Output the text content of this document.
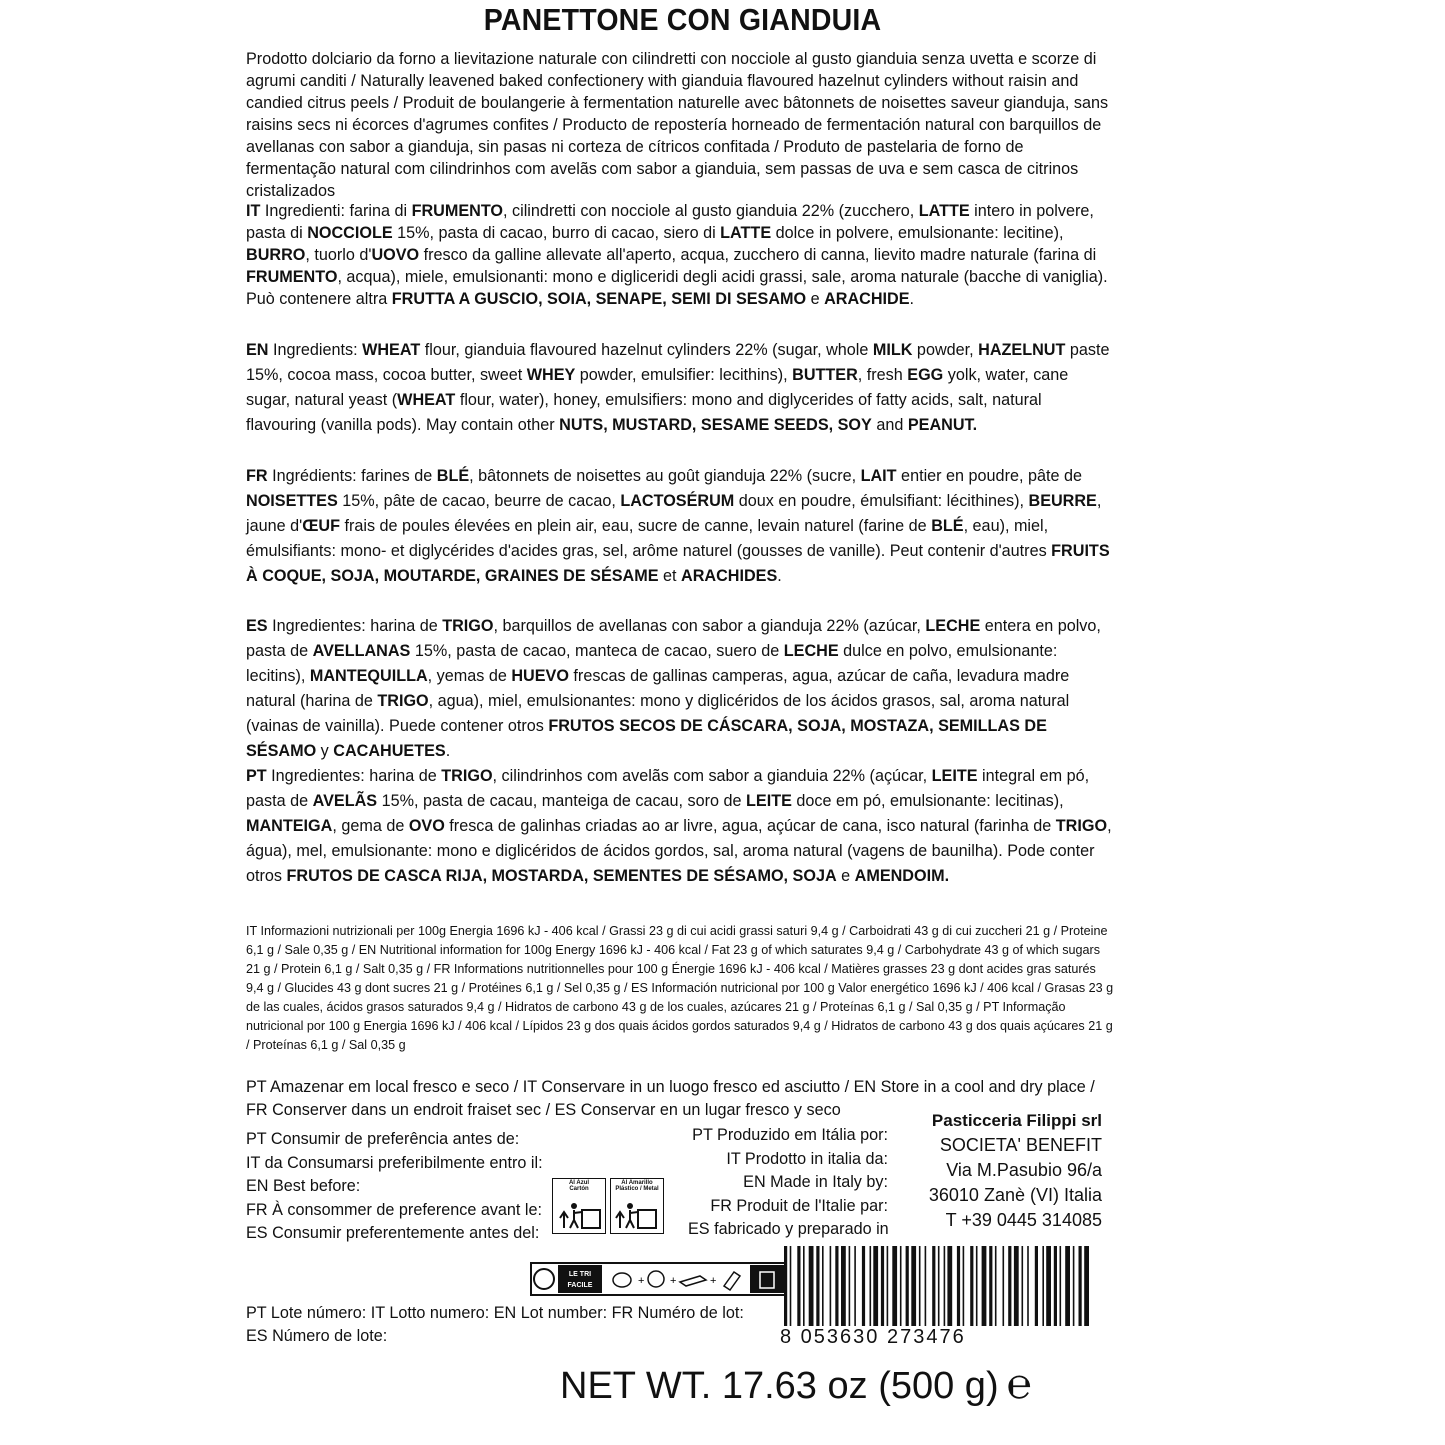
PANETTONE CON GIANDUIA

Prodotto dolciario da forno a lievitazione naturale con cilindretti con nocciole al gusto gianduia senza uvetta e scorze di agrumi canditi / Naturally leavened baked confectionery with gianduia flavoured hazelnut cylinders without raisin and candied citrus peels / Produit de boulangerie à fermentation naturelle avec bâtonnets de noisettes saveur gianduja, sans raisins secs ni écorces d'agrumes confites / Producto de repostería horneado de fermentación natural con barquillos de avellanas con sabor a gianduja, sin pasas ni corteza de cítricos confitada / Produto de pastelaria de forno de fermentação natural com cilindrinhos com avelãs com sabor a gianduia, sem passas de uva e sem casca de citrinos cristalizados

IT Ingredienti: farina di FRUMENTO, cilindretti con nocciole al gusto gianduia 22% (zucchero, LATTE intero in polvere, pasta di NOCCIOLE 15%, pasta di cacao, burro di cacao, siero di LATTE dolce in polvere, emulsionante: lecitine), BURRO, tuorlo d'UOVO fresco da galline allevate all'aperto, acqua, zucchero di canna, lievito madre naturale (farina di FRUMENTO, acqua), miele, emulsionanti: mono e digliceridi degli acidi grassi, sale, aroma naturale (bacche di vaniglia). Può contenere altra FRUTTA A GUSCIO, SOIA, SENAPE, SEMI DI SESAMO e ARACHIDE.

EN Ingredients: WHEAT flour, gianduia flavoured hazelnut cylinders 22% (sugar, whole MILK powder, HAZELNUT paste 15%, cocoa mass, cocoa butter, sweet WHEY powder, emulsifier: lecithins), BUTTER, fresh EGG yolk, water, cane sugar, natural yeast (WHEAT flour, water), honey, emulsifiers: mono and diglycerides of fatty acids, salt, natural flavouring (vanilla pods). May contain other NUTS, MUSTARD, SESAME SEEDS, SOY and PEANUT.

FR Ingrédients: farines de BLÉ, bâtonnets de noisettes au goût gianduja 22% (sucre, LAIT entier en poudre, pâte de NOISETTES 15%, pâte de cacao, beurre de cacao, LACTOSÉRUM doux en poudre, émulsifiant: lécithines), BEURRE, jaune d'ŒUF frais de poules élevées en plein air, eau, sucre de canne, levain naturel (farine de BLÉ, eau), miel, émulsifiants: mono- et diglycérides d'acides gras, sel, arôme naturel (gousses de vanille). Peut contenir d'autres FRUITS À COQUE, SOJA, MOUTARDE, GRAINES DE SÉSAME et ARACHIDES.

ES Ingredientes: harina de TRIGO, barquillos de avellanas con sabor a gianduja 22% (azúcar, LECHE entera en polvo, pasta de AVELLANAS 15%, pasta de cacao, manteca de cacao, suero de LECHE dulce en polvo, emulsionante: lecitins), MANTEQUILLA, yemas de HUEVO frescas de gallinas camperas, agua, azúcar de caña, levadura madre natural (harina de TRIGO, agua), miel, emulsionantes: mono y diglicéridos de los ácidos grasos, sal, aroma natural (vainas de vainilla). Puede contener otros FRUTOS SECOS DE CÁSCARA, SOJA, MOSTAZA, SEMILLAS DE SÉSAMO y CACAHUETES.

PT Ingredientes: harina de TRIGO, cilindrinhos com avelãs com sabor a gianduia 22% (açúcar, LEITE integral em pó, pasta de AVELÃS 15%, pasta de cacau, manteiga de cacau, soro de LEITE doce em pó, emulsionante: lecitinas), MANTEIGA, gema de OVO fresca de galinhas criadas ao ar livre, agua, açúcar de cana, isco natural (farinha de TRIGO, água), mel, emulsionante: mono e diglicéridos de ácidos gordos, sal, aroma natural (vagens de baunilha). Pode conter otros FRUTOS DE CASCA RIJA, MOSTARDA, SEMENTES DE SÉSAMO, SOJA e AMENDOIM.

IT Informazioni nutrizionali per 100g Energia 1696 kJ - 406 kcal / Grassi 23 g di cui acidi grassi saturi 9,4 g / Carboidrati 43 g di cui zuccheri 21 g / Proteine 6,1 g / Sale 0,35 g / EN Nutritional information for 100g Energy 1696 kJ - 406 kcal / Fat 23 g of which saturates 9,4 g / Carbohydrate 43 g of which sugars 21 g / Protein 6,1 g / Salt 0,35 g / FR Informations nutritionnelles pour 100 g Énergie 1696 kJ - 406 kcal / Matières grasses 23 g dont acides gras saturés 9,4 g / Glucides 43 g dont sucres 21 g / Protéines 6,1 g / Sel 0,35 g / ES Información nutricional por 100 g Valor energético 1696 kJ / 406 kcal / Grasas 23 g de las cuales, ácidos grasos saturados 9,4 g / Hidratos de carbono 43 g de los cuales, azúcares 21 g / Proteínas 6,1 g / Sal 0,35 g / PT Informação nutricional por 100 g Energia 1696 kJ / 406 kcal / Lípidos 23 g dos quais ácidos gordos saturados 9,4 g / Hidratos de carbono 43 g dos quais açúcares 21 g / Proteínas 6,1 g / Sal 0,35 g

PT Amazenar em local fresco e seco / IT Conservare in un luogo fresco ed asciutto / EN Store in a cool and dry place / FR Conserver dans un endroit fraiset sec / ES Conservar en un lugar fresco y seco

PT Consumir de preferência antes de:
IT da Consumarsi preferibilmente entro il:
EN Best before:
FR À consommer de preference avant le:
ES Consumir preferentemente antes del:
Al Azul
Cartón
Al Amarillo
Plástico / Metal
PT Produzido em Itália por:
IT Prodotto in italia da:
EN Made in Italy by:
FR Produit de l'Italie par:
ES fabricado y preparado in
Pasticceria Filippi srl
SOCIETA' BENEFIT
Via M.Pasubio 96/a
36010 Zanè (VI) Italia
T +39 0445 314085
LE TRI
FACILE	+ +	+
8 053630 273476
PT Lote número: IT Lotto numero: EN Lot number: FR Numéro de lot:
ES Número de lote:
NET WT. 17.63 oz (500 g) ℮
